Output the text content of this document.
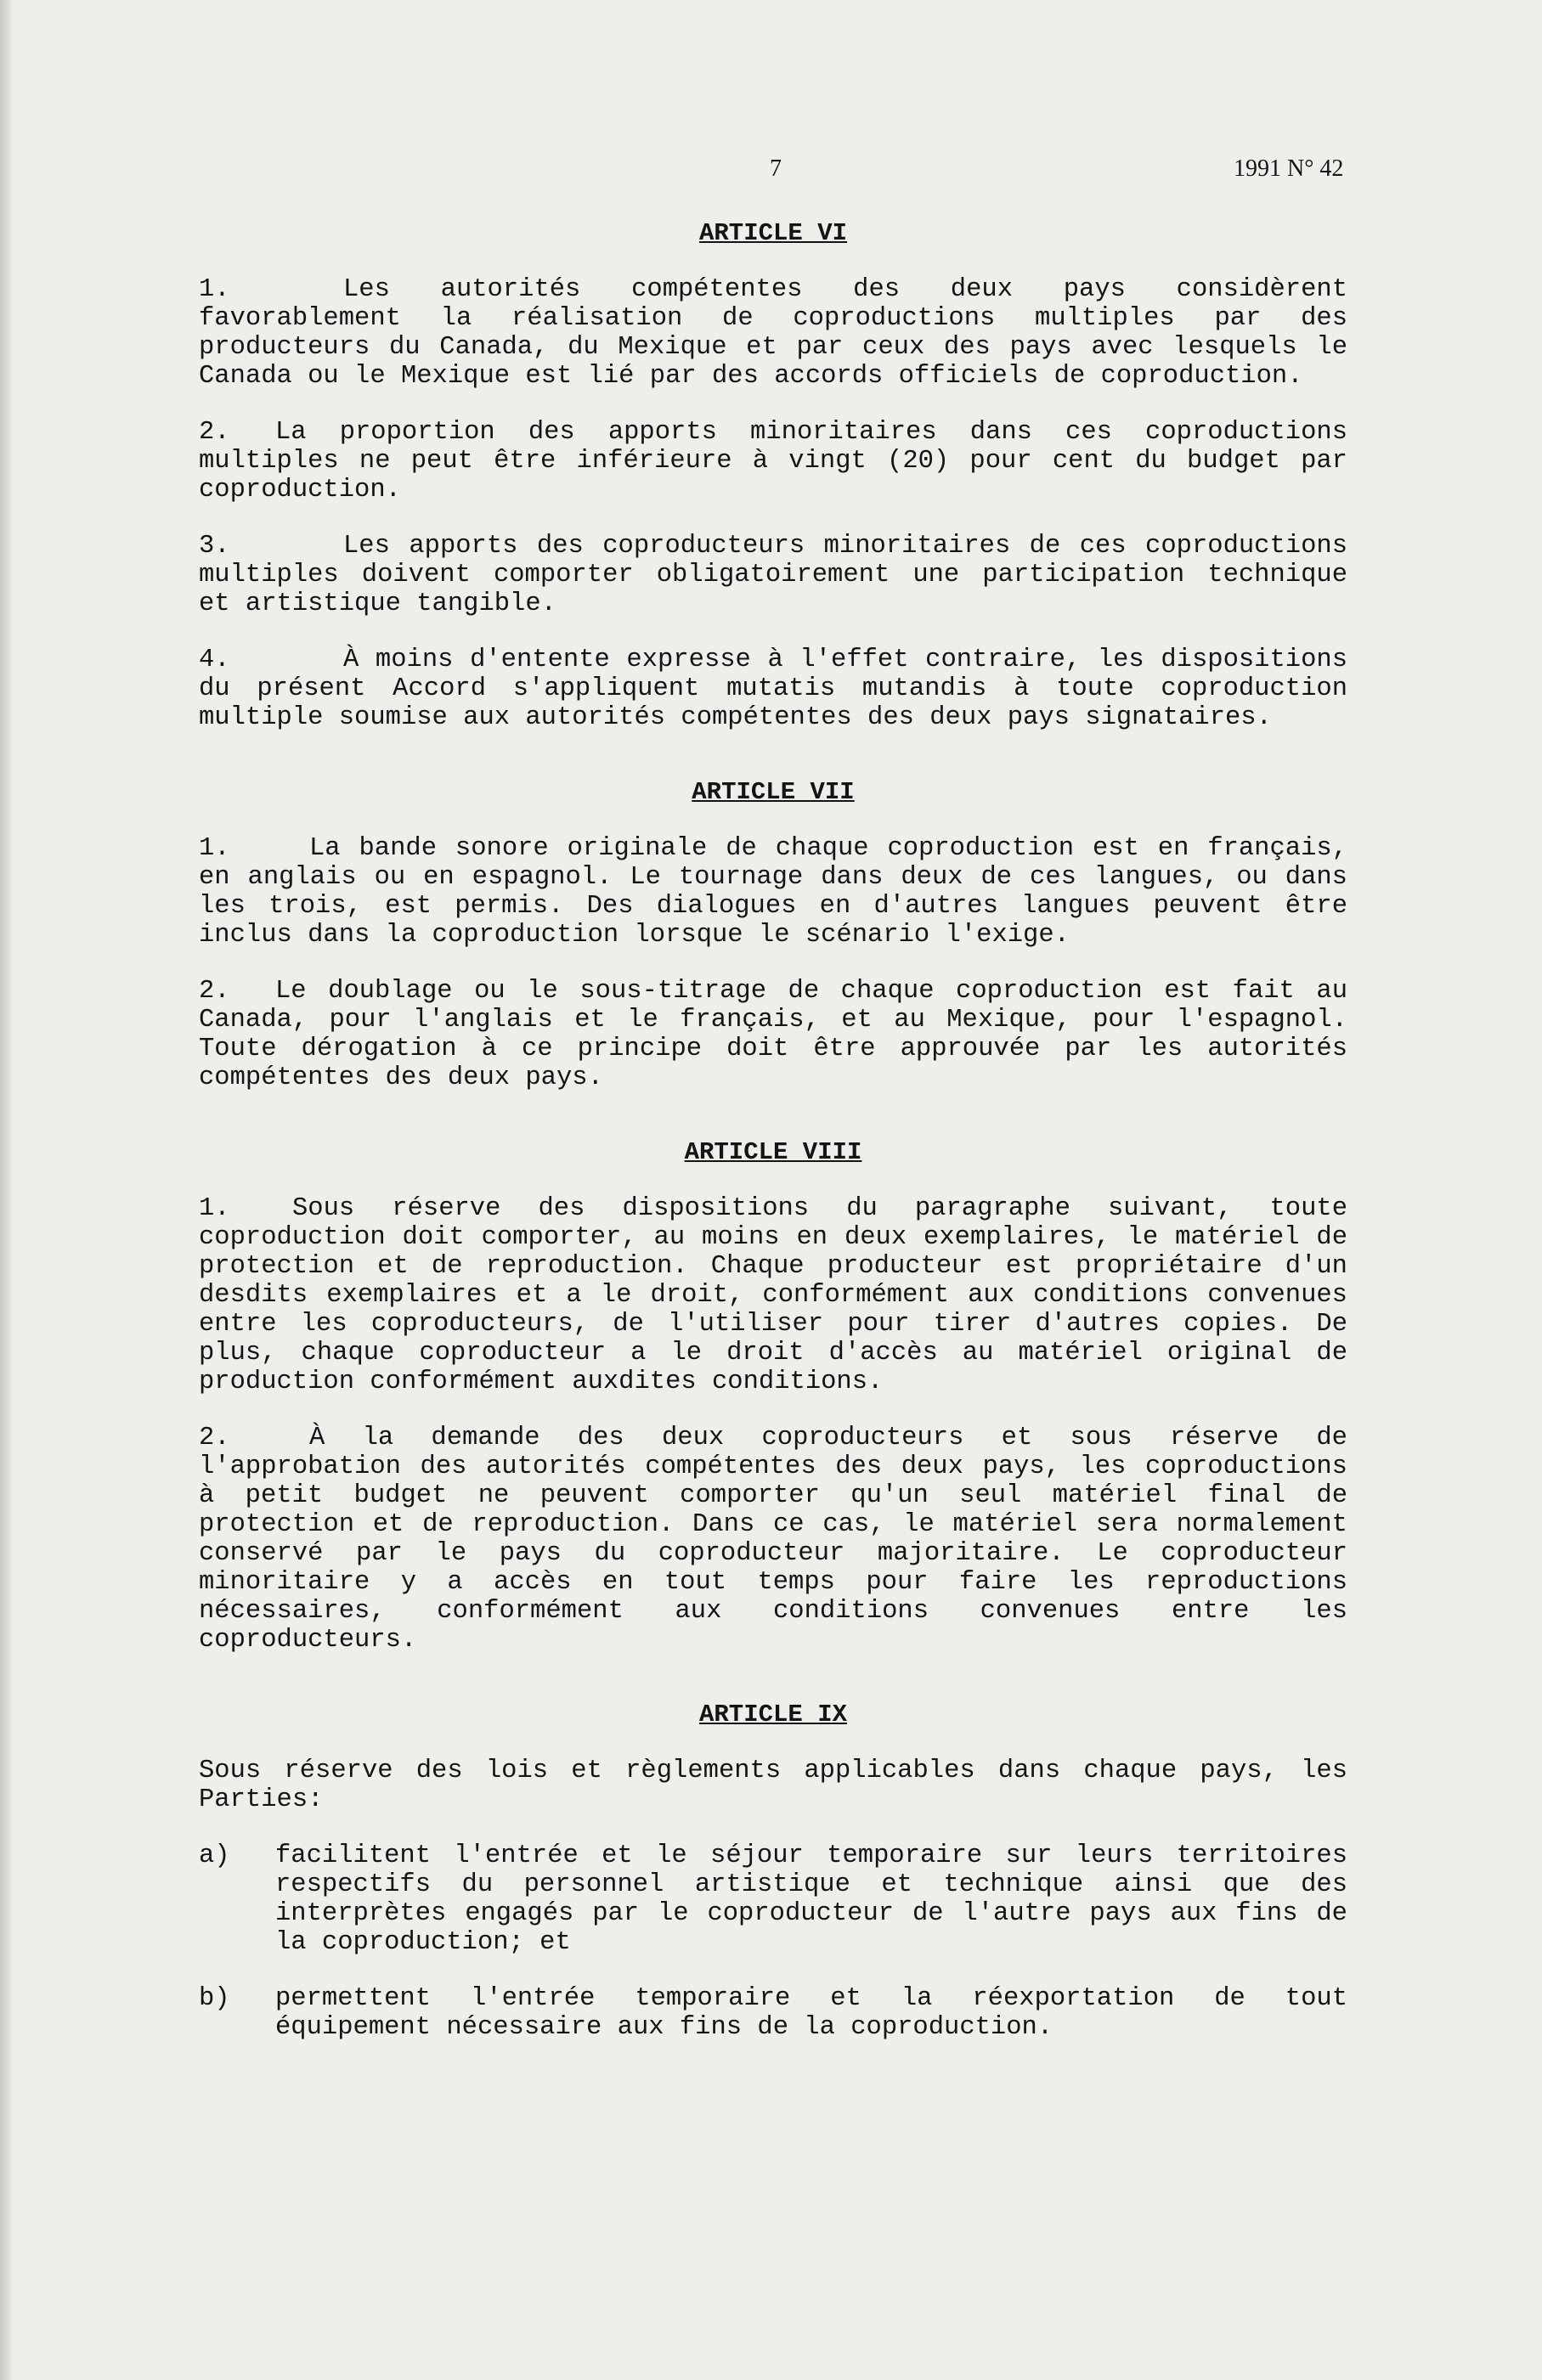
7	1991 N° 42
ARTICLE VI
1.	Les autorités compétentes des deux pays considèrent favorablement la réalisation de coproductions multiples par des producteurs du Canada, du Mexique et par ceux des pays avec lesquels le Canada ou le Mexique est lié par des accords officiels de coproduction.
2. La proportion des apports minoritaires dans ces coproductions multiples ne peut être inférieure à vingt (20) pour cent du budget par coproduction.
3.	Les apports des coproducteurs minoritaires de ces coproductions multiples doivent comporter obligatoirement une participation technique et artistique tangible.
4.	À moins d'entente expresse à l'effet contraire, les dispositions du présent Accord s'appliquent mutatis mutandis à toute coproduction multiple soumise aux autorités compétentes des deux pays signataires.
ARTICLE VII
1.	La bande sonore originale de chaque coproduction est en français, en anglais ou en espagnol. Le tournage dans deux de ces langues, ou dans les trois, est permis. Des dialogues en d'autres langues peuvent être inclus dans la coproduction lorsque le scénario l'exige.
2. Le doublage ou le sous-titrage de chaque coproduction est fait au Canada, pour l'anglais et le français, et au Mexique, pour l'espagnol. Toute dérogation à ce principe doit être approuvée par les autorités compétentes des deux pays.
ARTICLE VIII
1. Sous réserve des dispositions du paragraphe suivant, toute coproduction doit comporter, au moins en deux exemplaires, le matériel de protection et de reproduction. Chaque producteur est propriétaire d'un desdits exemplaires et a le droit, conformément aux conditions convenues entre les coproducteurs, de l'utiliser pour tirer d'autres copies. De plus, chaque coproducteur a le droit d'accès au matériel original de production conformément auxdites conditions.
2.	À la demande des deux coproducteurs et sous réserve de l'approbation des autorités compétentes des deux pays, les coproductions à petit budget ne peuvent comporter qu'un seul matériel final de protection et de reproduction. Dans ce cas, le matériel sera normalement conservé par le pays du coproducteur majoritaire. Le coproducteur minoritaire y a accès en tout temps pour faire les reproductions nécessaires, conformément aux conditions convenues entre les coproducteurs.
ARTICLE IX
Sous réserve des lois et règlements applicables dans chaque pays, les Parties:
a)	facilitent l'entrée et le séjour temporaire sur leurs territoires respectifs du personnel artistique et technique ainsi que des interprètes engagés par le coproducteur de l'autre pays aux fins de la coproduction; et
b)	permettent l'entrée temporaire et la réexportation de tout équipement nécessaire aux fins de la coproduction.
